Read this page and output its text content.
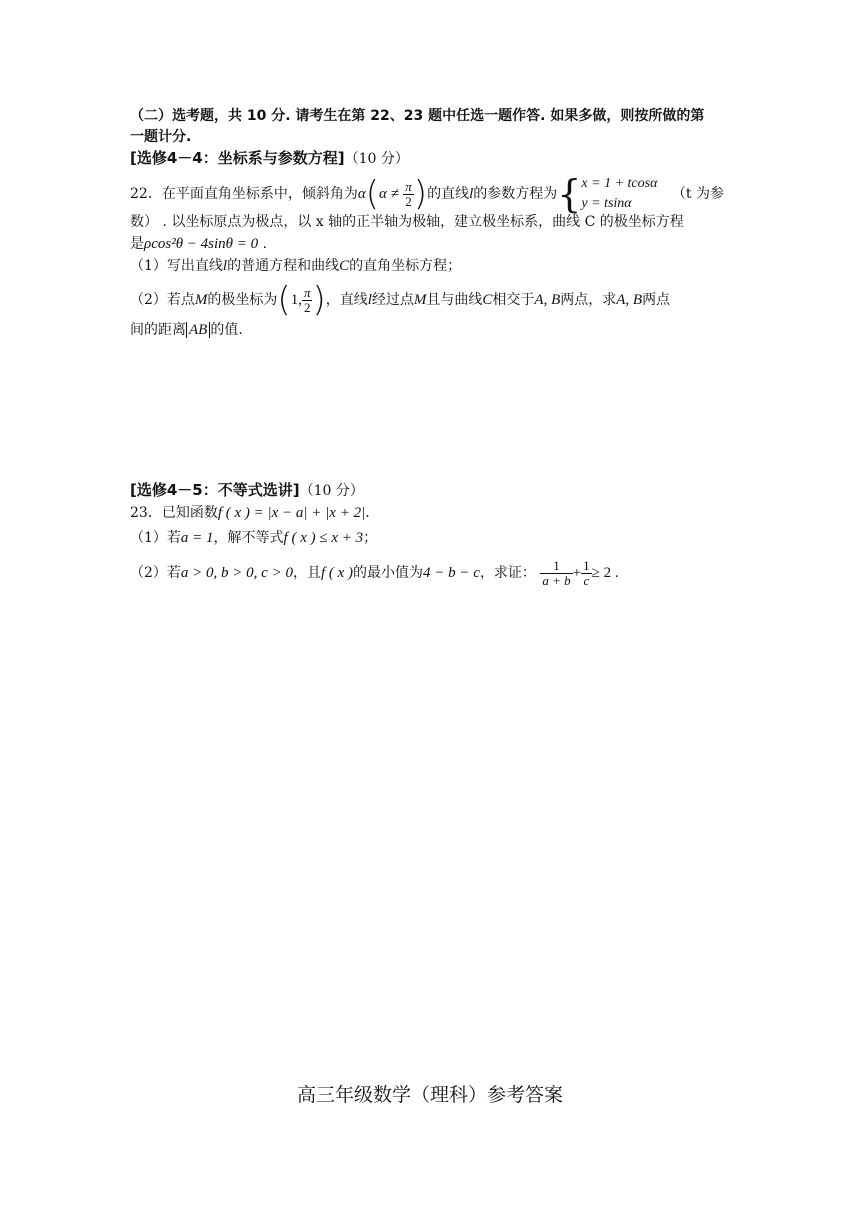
（二）选考题，共 10 分. 请考生在第 22、23 题中任选一题作答. 如果多做，则按所做的第
一题计分.
[选修4－4：坐标系与参数方程]（10 分）
22．在平面直角坐标系中，倾斜角为$\alpha(\alpha \ne \frac{\pi}{2}$ )的直线l的参数方程为{ x = 1 + tcosα
y = tsinα
（t 为参
数） . 以坐标原点为极点，以 x 轴的正半轴为极轴，建立极坐标系，曲线 C 的极坐标方程
是ρcos²θ − 4sinθ = 0 .
（1）写出直线l的普通方程和曲线C的直角坐标方程；
（2）若点M的极坐标为(1, $\frac{\pi}{2}$ )，直线l经过点M且与曲线C相交于A, B两点，求A, B两点
间的距离 AB 的值.
[选修4－5：不等式选讲]（10 分）
23．已知函数f ( x ) = |x − a| + |x + 2|.
（1）若a = 1，解不等式f ( x ) ≤ x + 3；
（2）若a > 0, b > 0, c > 0，且f ( x )的最小值为4 − b − c，求证： $\frac{1}{a + b} + \frac{1}{c} \ge 2$ .
高三年级数学（理科）参考答案
